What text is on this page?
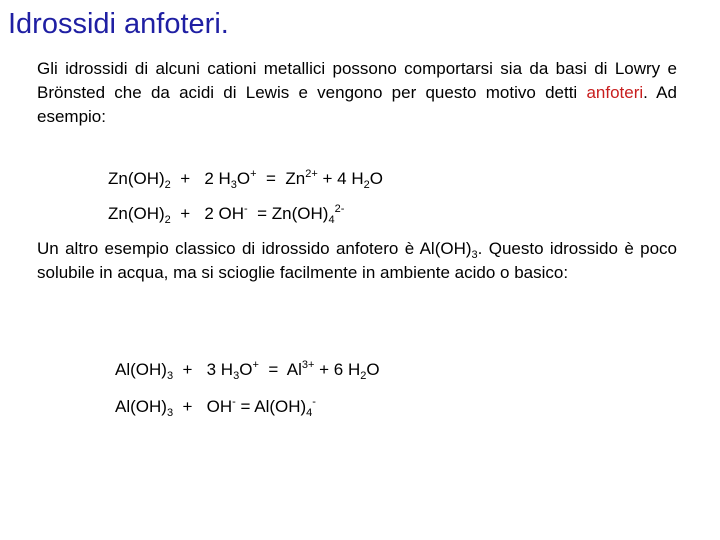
Idrossidi anfoteri.
Gli idrossidi di alcuni cationi metallici possono comportarsi sia da basi di Lowry e Brönsted che da acidi di Lewis e vengono per questo motivo detti anfoteri. Ad esempio:
$Zn(OH)_2 + 2$ $H_3O^+ = Zn^{2+} + 4$ $H_2O$
$Zn(OH)_2 + 2$ $OH^- = Zn(OH)_4^{2-}$
Un altro esempio classico di idrossido anfotero è $Al(OH)_3$. Questo idrossido è poco solubile in acqua, ma si scioglie facilmente in ambiente acido o basico:
$Al(OH)_3 + 3$ $H_3O^+ = Al^{3+} + 6$ $H_2O$
$Al(OH)_3 + OH^- = Al(OH)_4^-$
